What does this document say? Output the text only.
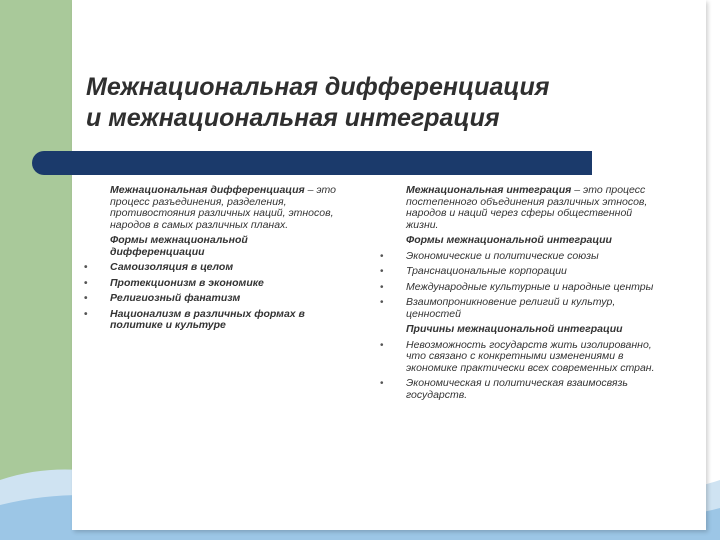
Межнациональная дифференциация
и межнациональная интеграция
Межнациональная дифференциация – это процесс разъединения, разделения, противостояния различных наций, этносов, народов в самых различных планах.
Формы межнациональной дифференциации
• Самоизоляция в целом
• Протекционизм в экономике
• Религиозный фанатизм
• Национализм в различных формах в политике и культуре
Межнациональная интеграция – это процесс постепенного объединения различных этносов, народов и наций через сферы общественной жизни.
Формы межнациональной интеграции
• Экономические и политические союзы
• Транснациональные корпорации
• Международные культурные и народные центры
• Взаимопроникновение религий и культур, ценностей
Причины межнациональной интеграции
• Невозможность государств жить изолированно, что связано с конкретными изменениями в экономике практически всех современных стран.
• Экономическая и политическая взаимосвязь государств.
